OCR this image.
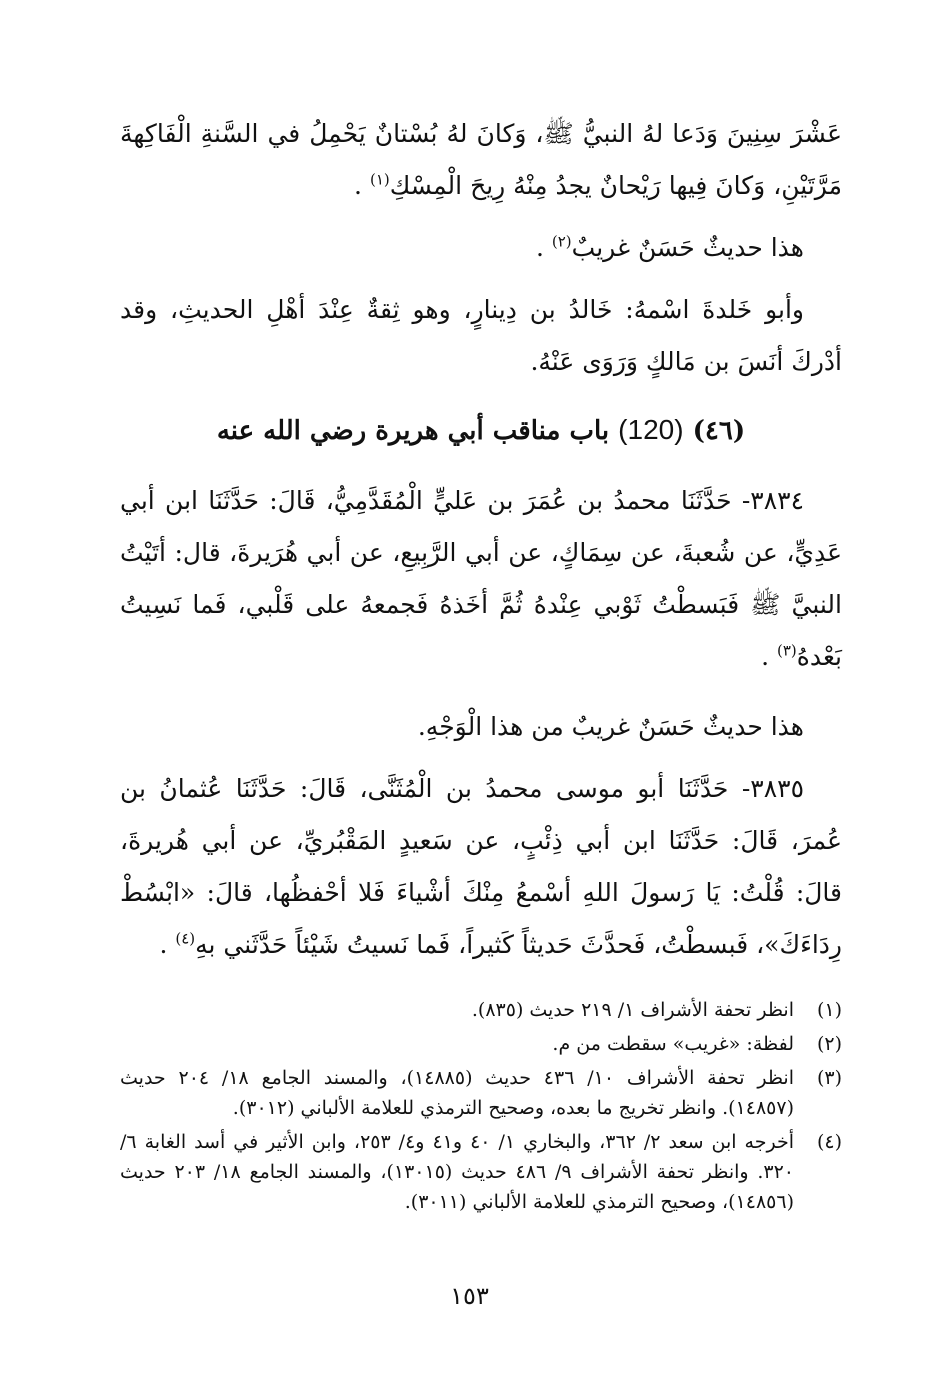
عَشْرَ سِنِينَ وَدَعا لهُ النبيُّ ﷺ، وَكانَ لهُ بُسْتانٌ يَحْمِلُ في السَّنةِ الْفَاكِهةَ مَرَّتَيْنِ، وَكانَ فِيها رَيْحانٌ يجدُ مِنْهُ رِيحَ الْمِسْكِ$^{(١)}$ .

هذا حديثٌ حَسَنٌ غريبٌ$^{(٢)}$ .

وأبو خَلدةَ اسْمهُ: خَالدُ بن دِينارٍ، وهو ثِقةٌ عِنْدَ أهْلِ الحديثِ، وقد أدْركَ أنَسَ بن مَالكٍ وَرَوَى عَنْهُ.

(٤٦) (120) باب مناقب أبي هريرة رضي الله عنه

٣٨٣٤- حَدَّثَنَا محمدُ بن عُمَرَ بن عَليٍّ الْمُقَدَّمِيُّ، قَالَ: حَدَّثَنَا ابن أبي عَدِيٍّ، عن شُعبةَ، عن سِمَاكٍ، عن أبي الرَّبِيعِ، عن أبي هُرَيرةَ، قال: أتَيْتُ النبيَّ ﷺ فَبَسطْتُ ثَوْبي عِنْدهُ ثُمَّ أخَذهُ فَجمعهُ على قَلْبي، فَما نَسِيتُ بَعْدهُ$^{(٣)}$ .

هذا حديثٌ حَسَنٌ غريبٌ من هذا الْوَجْهِ.

٣٨٣٥- حَدَّثَنَا أبو موسى محمدُ بن الْمُثَنَّى، قَالَ: حَدَّثَنَا عُثمانُ بن عُمرَ، قَالَ: حَدَّثَنَا ابن أبي ذِئْبٍ، عن سَعيدٍ المَقْبُريِّ، عن أبي هُريرةَ، قالَ: قُلْتُ: يَا رَسولَ اللهِ أسْمعُ مِنْكَ أشْياءَ فَلا أحْفظُها، قالَ: «ابْسُطْ رِدَاءَكَ»، فَبسطْتُ، فَحدَّثَ حَديثاً كَثيراً، فَما نَسيتُ شَيْئاً حَدَّثَني بهِ$^{(٤)}$ .

(١)
انظر تحفة الأشراف ١/ ٢١٩ حديث (٨٣٥).
(٢)
لفظة: «غريب» سقطت من م.
(٣)
انظر تحفة الأشراف ١٠/ ٤٣٦ حديث (١٤٨٨٥)، والمسند الجامع ١٨/ ٢٠٤ حديث (١٤٨٥٧). وانظر تخريج ما بعده، وصحيح الترمذي للعلامة الألباني (٣٠١٢).
(٤)
أخرجه ابن سعد ٢/ ٣٦٢، والبخاري ١/ ٤٠ و٤١ و٤/ ٢٥٣، وابن الأثير في أسد الغابة ٦/ ٣٢٠. وانظر تحفة الأشراف ٩/ ٤٨٦ حديث (١٣٠١٥)، والمسند الجامع ١٨/ ٢٠٣ حديث (١٤٨٥٦)، وصحيح الترمذي للعلامة الألباني (٣٠١١).
١٥٣
